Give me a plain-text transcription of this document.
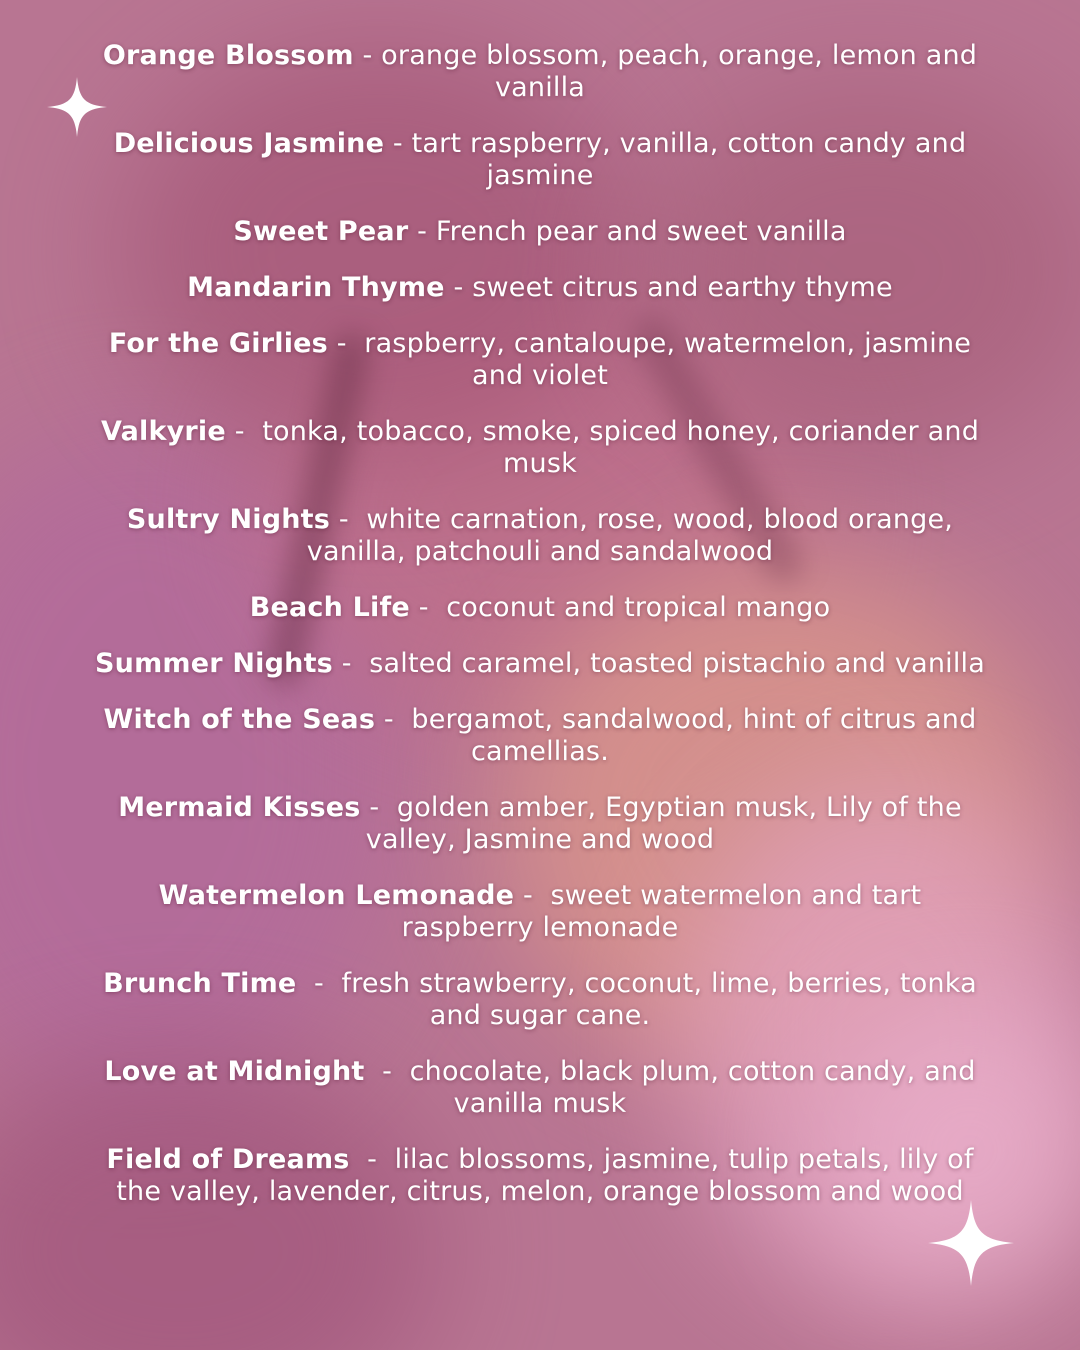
Orange Blossom - orange blossom, peach, orange, lemon and vanilla
Delicious Jasmine - tart raspberry, vanilla, cotton candy and jasmine
Sweet Pear - French pear and sweet vanilla
Mandarin Thyme - sweet citrus and earthy thyme
For the Girlies -  raspberry, cantaloupe, watermelon, jasmine and violet
Valkyrie -  tonka, tobacco, smoke, spiced honey, coriander and musk
Sultry Nights -  white carnation, rose, wood, blood orange, vanilla, patchouli and sandalwood
Beach Life -  coconut and tropical mango
Summer Nights -  salted caramel, toasted pistachio and vanilla
Witch of the Seas -  bergamot, sandalwood, hint of citrus and camellias.
Mermaid Kisses -  golden amber, Egyptian musk, Lily of the valley, Jasmine and wood
Watermelon Lemonade -  sweet watermelon and tart raspberry lemonade
Brunch Time  -  fresh strawberry, coconut, lime, berries, tonka and sugar cane.
Love at Midnight  -  chocolate, black plum, cotton candy, and vanilla musk
Field of Dreams  -  lilac blossoms, jasmine, tulip petals, lily of the valley, lavender, citrus, melon, orange blossom and wood
